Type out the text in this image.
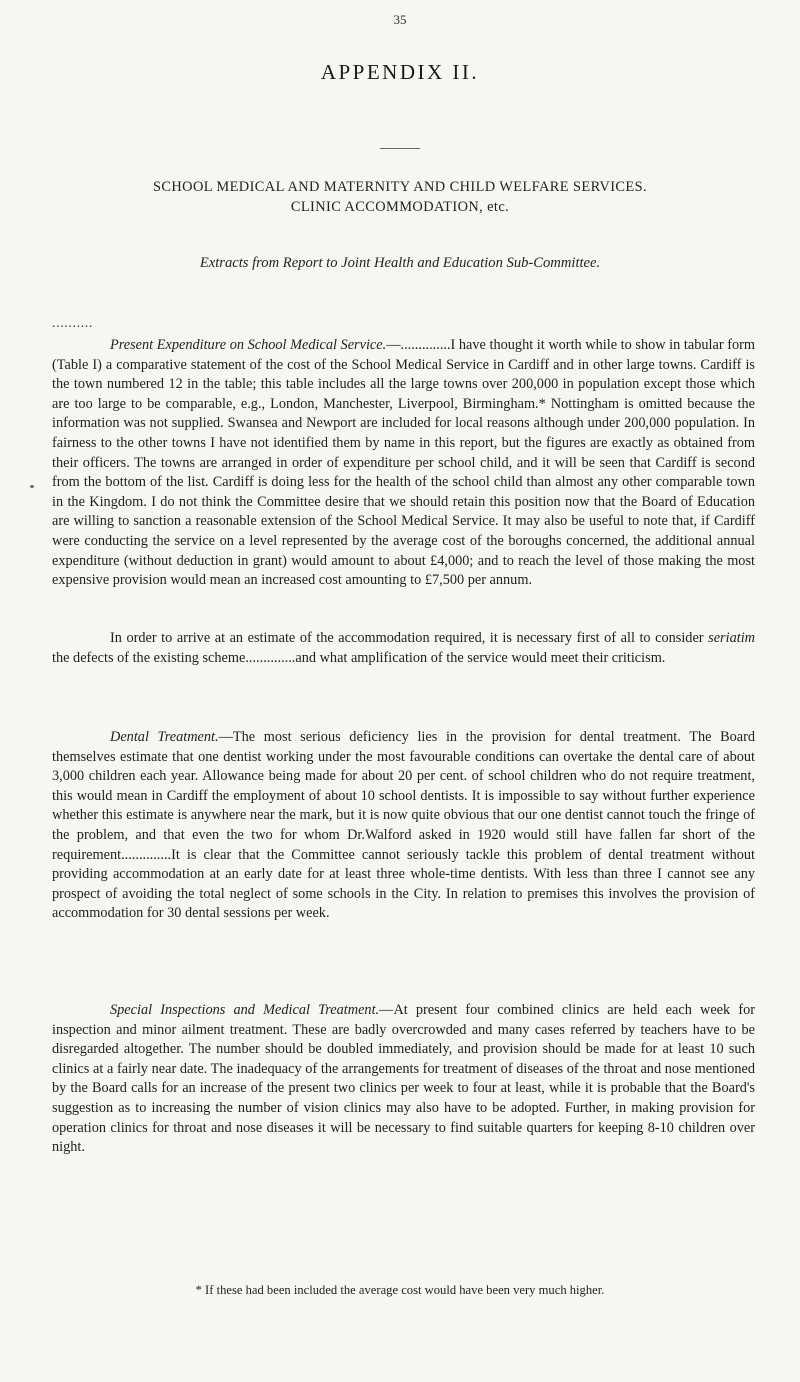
35
APPENDIX II.
SCHOOL MEDICAL AND MATERNITY AND CHILD WELFARE SERVICES.
CLINIC ACCOMMODATION, etc.
Extracts from Report to Joint Health and Education Sub-Committee.
..........

Present Expenditure on School Medical Service.—..............I have thought it worth while to show in tabular form (Table I) a comparative statement of the cost of the School Medical Service in Cardiff and in other large towns. Cardiff is the town numbered 12 in the table; this table includes all the large towns over 200,000 in population except those which are too large to be comparable, e.g., London, Manchester, Liverpool, Birmingham.* Nottingham is omitted because the information was not supplied. Swansea and Newport are included for local reasons although under 200,000 population. In fairness to the other towns I have not identified them by name in this report, but the figures are exactly as obtained from their officers. The towns are arranged in order of expenditure per school child, and it will be seen that Cardiff is second from the bottom of the list. Cardiff is doing less for the health of the school child than almost any other comparable town in the Kingdom. I do not think the Committee desire that we should retain this position now that the Board of Education are willing to sanction a reasonable extension of the School Medical Service. It may also be useful to note that, if Cardiff were conducting the service on a level represented by the average cost of the boroughs concerned, the additional annual expenditure (without deduction in grant) would amount to about £4,000; and to reach the level of those making the most expensive provision would mean an increased cost amounting to £7,500 per annum.

In order to arrive at an estimate of the accommodation required, it is necessary first of all to consider seriatim the defects of the existing scheme..............and what amplification of the service would meet their criticism.

Dental Treatment.—The most serious deficiency lies in the provision for dental treatment. The Board themselves estimate that one dentist working under the most favourable conditions can overtake the dental care of about 3,000 children each year. Allowance being made for about 20 per cent. of school children who do not require treatment, this would mean in Cardiff the employment of about 10 school dentists. It is impossible to say without further experience whether this estimate is anywhere near the mark, but it is now quite obvious that our one dentist cannot touch the fringe of the problem, and that even the two for whom Dr.Walford asked in 1920 would still have fallen far short of the requirement..............It is clear that the Committee cannot seriously tackle this problem of dental treatment without providing accommodation at an early date for at least three whole-time dentists. With less than three I cannot see any prospect of avoiding the total neglect of some schools in the City. In relation to premises this involves the provision of accommodation for 30 dental sessions per week.

Special Inspections and Medical Treatment.—At present four combined clinics are held each week for inspection and minor ailment treatment. These are badly overcrowded and many cases referred by teachers have to be disregarded altogether. The number should be doubled immediately, and provision should be made for at least 10 such clinics at a fairly near date. The inadequacy of the arrangements for treatment of diseases of the throat and nose mentioned by the Board calls for an increase of the present two clinics per week to four at least, while it is probable that the Board's suggestion as to increasing the number of vision clinics may also have to be adopted. Further, in making provision for operation clinics for throat and nose diseases it will be necessary to find suitable quarters for keeping 8-10 children over night.

* If these had been included the average cost would have been very much higher.
